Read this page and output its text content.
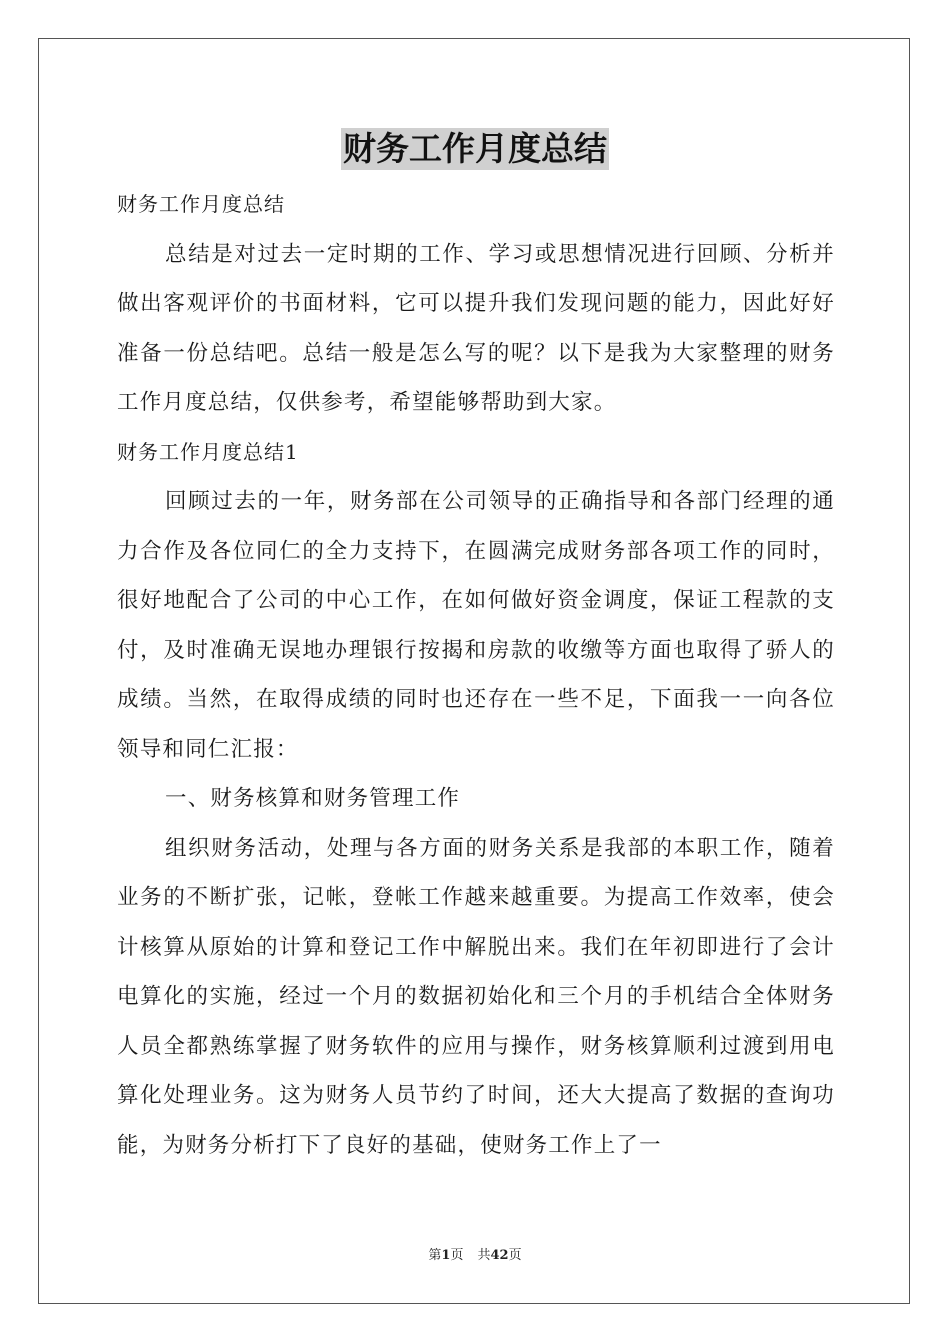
财务工作月度总结

财务工作月度总结

总结是对过去一定时期的工作、学习或思想情况进行回顾、分析并做出客观评价的书面材料，它可以提升我们发现问题的能力，因此好好准备一份总结吧。总结一般是怎么写的呢？以下是我为大家整理的财务工作月度总结，仅供参考，希望能够帮助到大家。

财务工作月度总结1

回顾过去的一年，财务部在公司领导的正确指导和各部门经理的通力合作及各位同仁的全力支持下，在圆满完成财务部各项工作的同时，很好地配合了公司的中心工作，在如何做好资金调度，保证工程款的支付，及时准确无误地办理银行按揭和房款的收缴等方面也取得了骄人的成绩。当然，在取得成绩的同时也还存在一些不足，下面我一一向各位领导和同仁汇报：

一、财务核算和财务管理工作

组织财务活动，处理与各方面的财务关系是我部的本职工作，随着业务的不断扩张，记帐，登帐工作越来越重要。为提高工作效率，使会计核算从原始的计算和登记工作中解脱出来。我们在年初即进行了会计电算化的实施，经过一个月的数据初始化和三个月的手机结合全体财务人员全都熟练掌握了财务软件的应用与操作，财务核算顺利过渡到用电算化处理业务。这为财务人员节约了时间，还大大提高了数据的查询功能，为财务分析打下了良好的基础，使财务工作上了一

第1页 共42页
